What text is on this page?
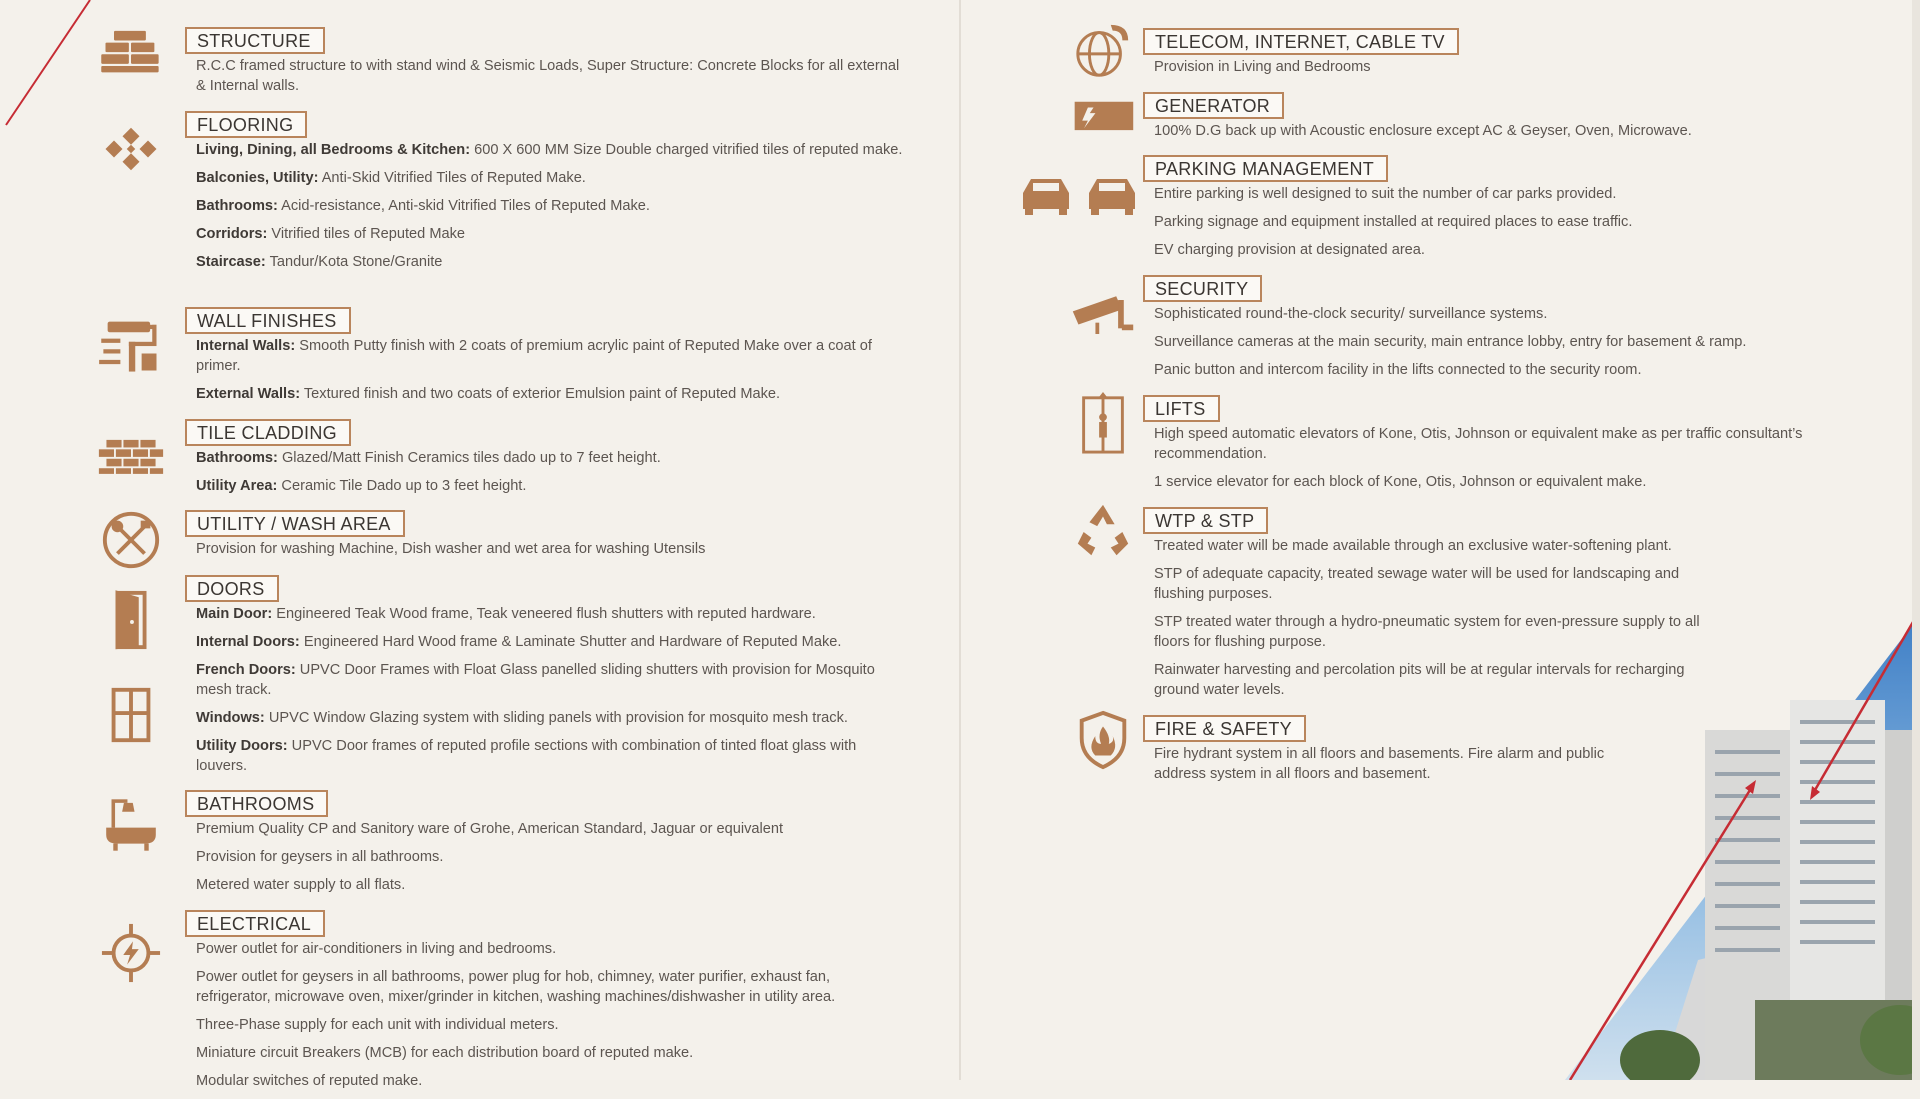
STRUCTURE
R.C.C framed structure to with stand wind & Seismic Loads, Super Structure: Concrete Blocks for all external & Internal walls.
FLOORING
Living, Dining, all Bedrooms & Kitchen: 600 X 600 MM Size Double charged vitrified tiles of reputed make.
Balconies, Utility: Anti-Skid Vitrified Tiles of Reputed Make.
Bathrooms: Acid-resistance, Anti-skid Vitrified Tiles of Reputed Make.
Corridors: Vitrified tiles of Reputed Make
Staircase: Tandur/Kota Stone/Granite
WALL FINISHES
Internal Walls: Smooth Putty finish with 2 coats of premium acrylic paint of Reputed Make over a coat of primer.
External Walls: Textured finish and two coats of exterior Emulsion paint of Reputed Make.
TILE CLADDING
Bathrooms: Glazed/Matt Finish Ceramics tiles dado up to 7 feet height.
Utility Area: Ceramic Tile Dado up to 3 feet height.
UTILITY / WASH AREA
Provision for washing Machine, Dish washer and wet area for washing Utensils
DOORS
Main Door: Engineered Teak Wood frame, Teak veneered flush shutters with reputed hardware.
Internal Doors: Engineered Hard Wood frame & Laminate Shutter and Hardware of Reputed Make.
French Doors: UPVC Door Frames with Float Glass panelled sliding shutters with provision for Mosquito mesh track.
Windows: UPVC Window Glazing system with sliding panels with provision for mosquito mesh track.
Utility Doors: UPVC Door frames of reputed profile sections with combination of tinted float glass with louvers.
BATHROOMS
Premium Quality CP and Sanitory ware of Grohe, American Standard, Jaguar or equivalent
Provision for geysers in all bathrooms.
Metered water supply to all flats.
ELECTRICAL
Power outlet for air-conditioners in living and bedrooms.
Power outlet for geysers in all bathrooms, power plug for hob, chimney, water purifier, exhaust fan, refrigerator, microwave oven, mixer/grinder in kitchen, washing machines/dishwasher in utility area.
Three-Phase supply for each unit with individual meters.
Miniature circuit Breakers (MCB) for each distribution board of reputed make.
Modular switches of reputed make.
TELECOM, INTERNET, CABLE TV
Provision in Living and Bedrooms
GENERATOR
100% D.G back up with Acoustic enclosure except AC & Geyser, Oven, Microwave.
PARKING MANAGEMENT
Entire parking is well designed to suit the number of car parks provided.
Parking signage and equipment installed at required places to ease traffic.
EV charging provision at designated area.
SECURITY
Sophisticated round-the-clock security/ surveillance systems.
Surveillance cameras at the main security, main entrance lobby, entry for basement & ramp.
Panic button and intercom facility in the lifts connected to the security room.
LIFTS
High speed automatic elevators of Kone, Otis, Johnson or equivalent make as per traffic consultant’s recommendation.
1 service elevator for each block of Kone, Otis, Johnson or equivalent make.
WTP & STP
Treated water will be made available through an exclusive water-softening plant.
STP of adequate capacity, treated sewage water will be used for landscaping and flushing purposes.
STP treated water through a hydro-pneumatic system for even-pressure supply to all floors for flushing purpose.
Rainwater harvesting and percolation pits will be at regular intervals for recharging ground water levels.
FIRE & SAFETY
Fire hydrant system in all floors and basements. Fire alarm and public address system in all floors and basement.
